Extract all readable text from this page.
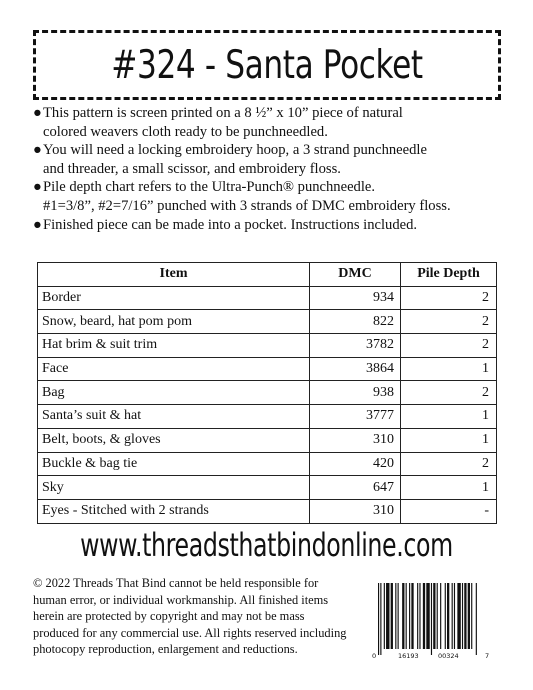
#324 - Santa Pocket
● This pattern is screen printed on a 8 ½” x 10” piece of natural
colored weavers cloth ready to be punchneedled.
● You will need a locking embroidery hoop, a 3 strand punchneedle
and threader, a small scissor, and embroidery floss.
● Pile depth chart refers to the Ultra-Punch® punchneedle.
#1=3/8”, #2=7/16” punched with 3 strands of DMC embroidery floss.
● Finished piece can be made into a pocket. Instructions included.
Item	DMC	Pile Depth
Border	934	2
Snow, beard, hat pom pom	822	2
Hat brim & suit trim	3782	2
Face	3864	1
Bag	938	2
Santa’s suit & hat	3777	1
Belt, boots, & gloves	310	1
Buckle & bag tie	420	2
Sky	647	1
Eyes - Stitched with 2 strands	310	-
www.threadsthatbindonline.com
© 2022 Threads That Bind cannot be held responsible for
human error, or individual workmanship. All finished items
herein are protected by copyright and may not be mass
produced for any commercial use. All rights reserved including
photocopy reproduction, enlargement and reductions.	0	16193	00324	7
